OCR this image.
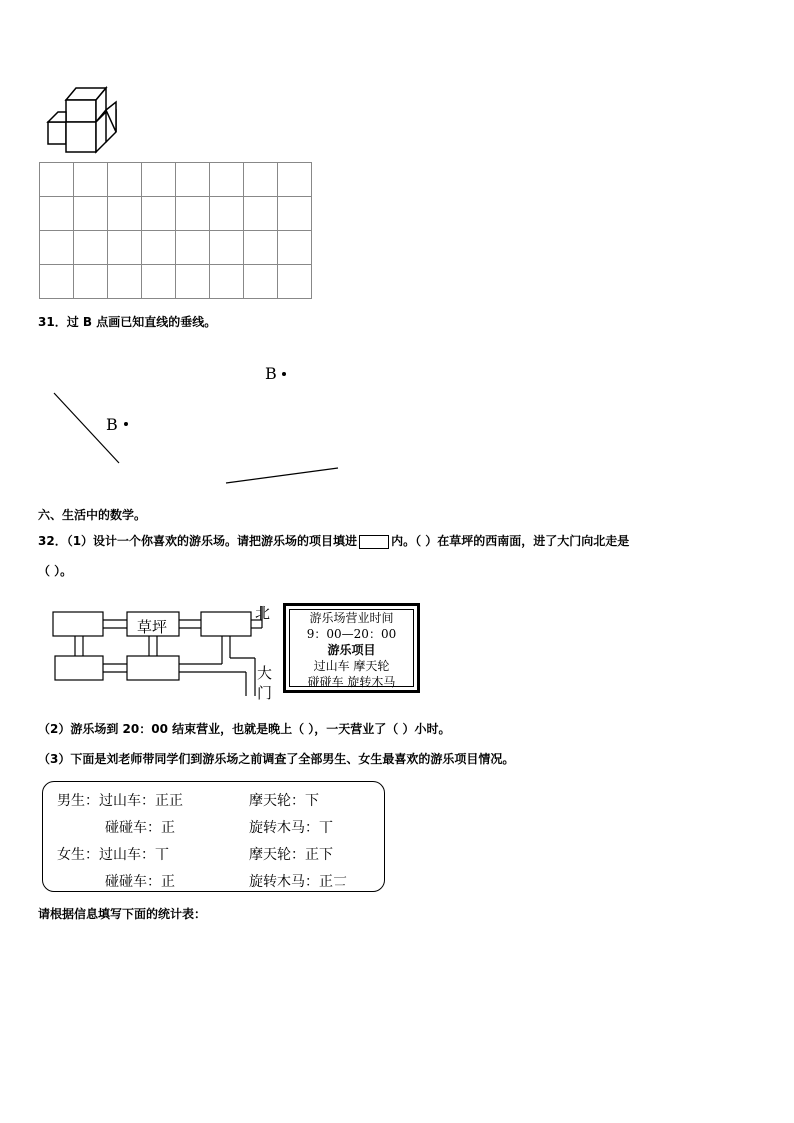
31．过 B 点画已知直线的垂线。
B
B
六、生活中的数学。
32．（1）设计一个你喜欢的游乐场。请把游乐场的项目填进	内。（ ）在草坪的西南面，进了大门向北走是
（ ）。
草坪
北
大
门
游乐场营业时间
9：00—20：00
游乐项目
过山车 摩天轮
碰碰车 旋转木马
（2）游乐场到 20：00 结束营业，也就是晚上（ ），一天营业了（ ）小时。
（3）下面是刘老师带同学们到游乐场之前调查了全部男生、女生最喜欢的游乐项目情况。
男生： 过山车：正正	摩天轮：下
碰碰车：正	旋转木马：丅
女生： 过山车：丅	摩天轮：正下
碰碰车：正	旋转木马：正𠄟
请根据信息填写下面的统计表：
